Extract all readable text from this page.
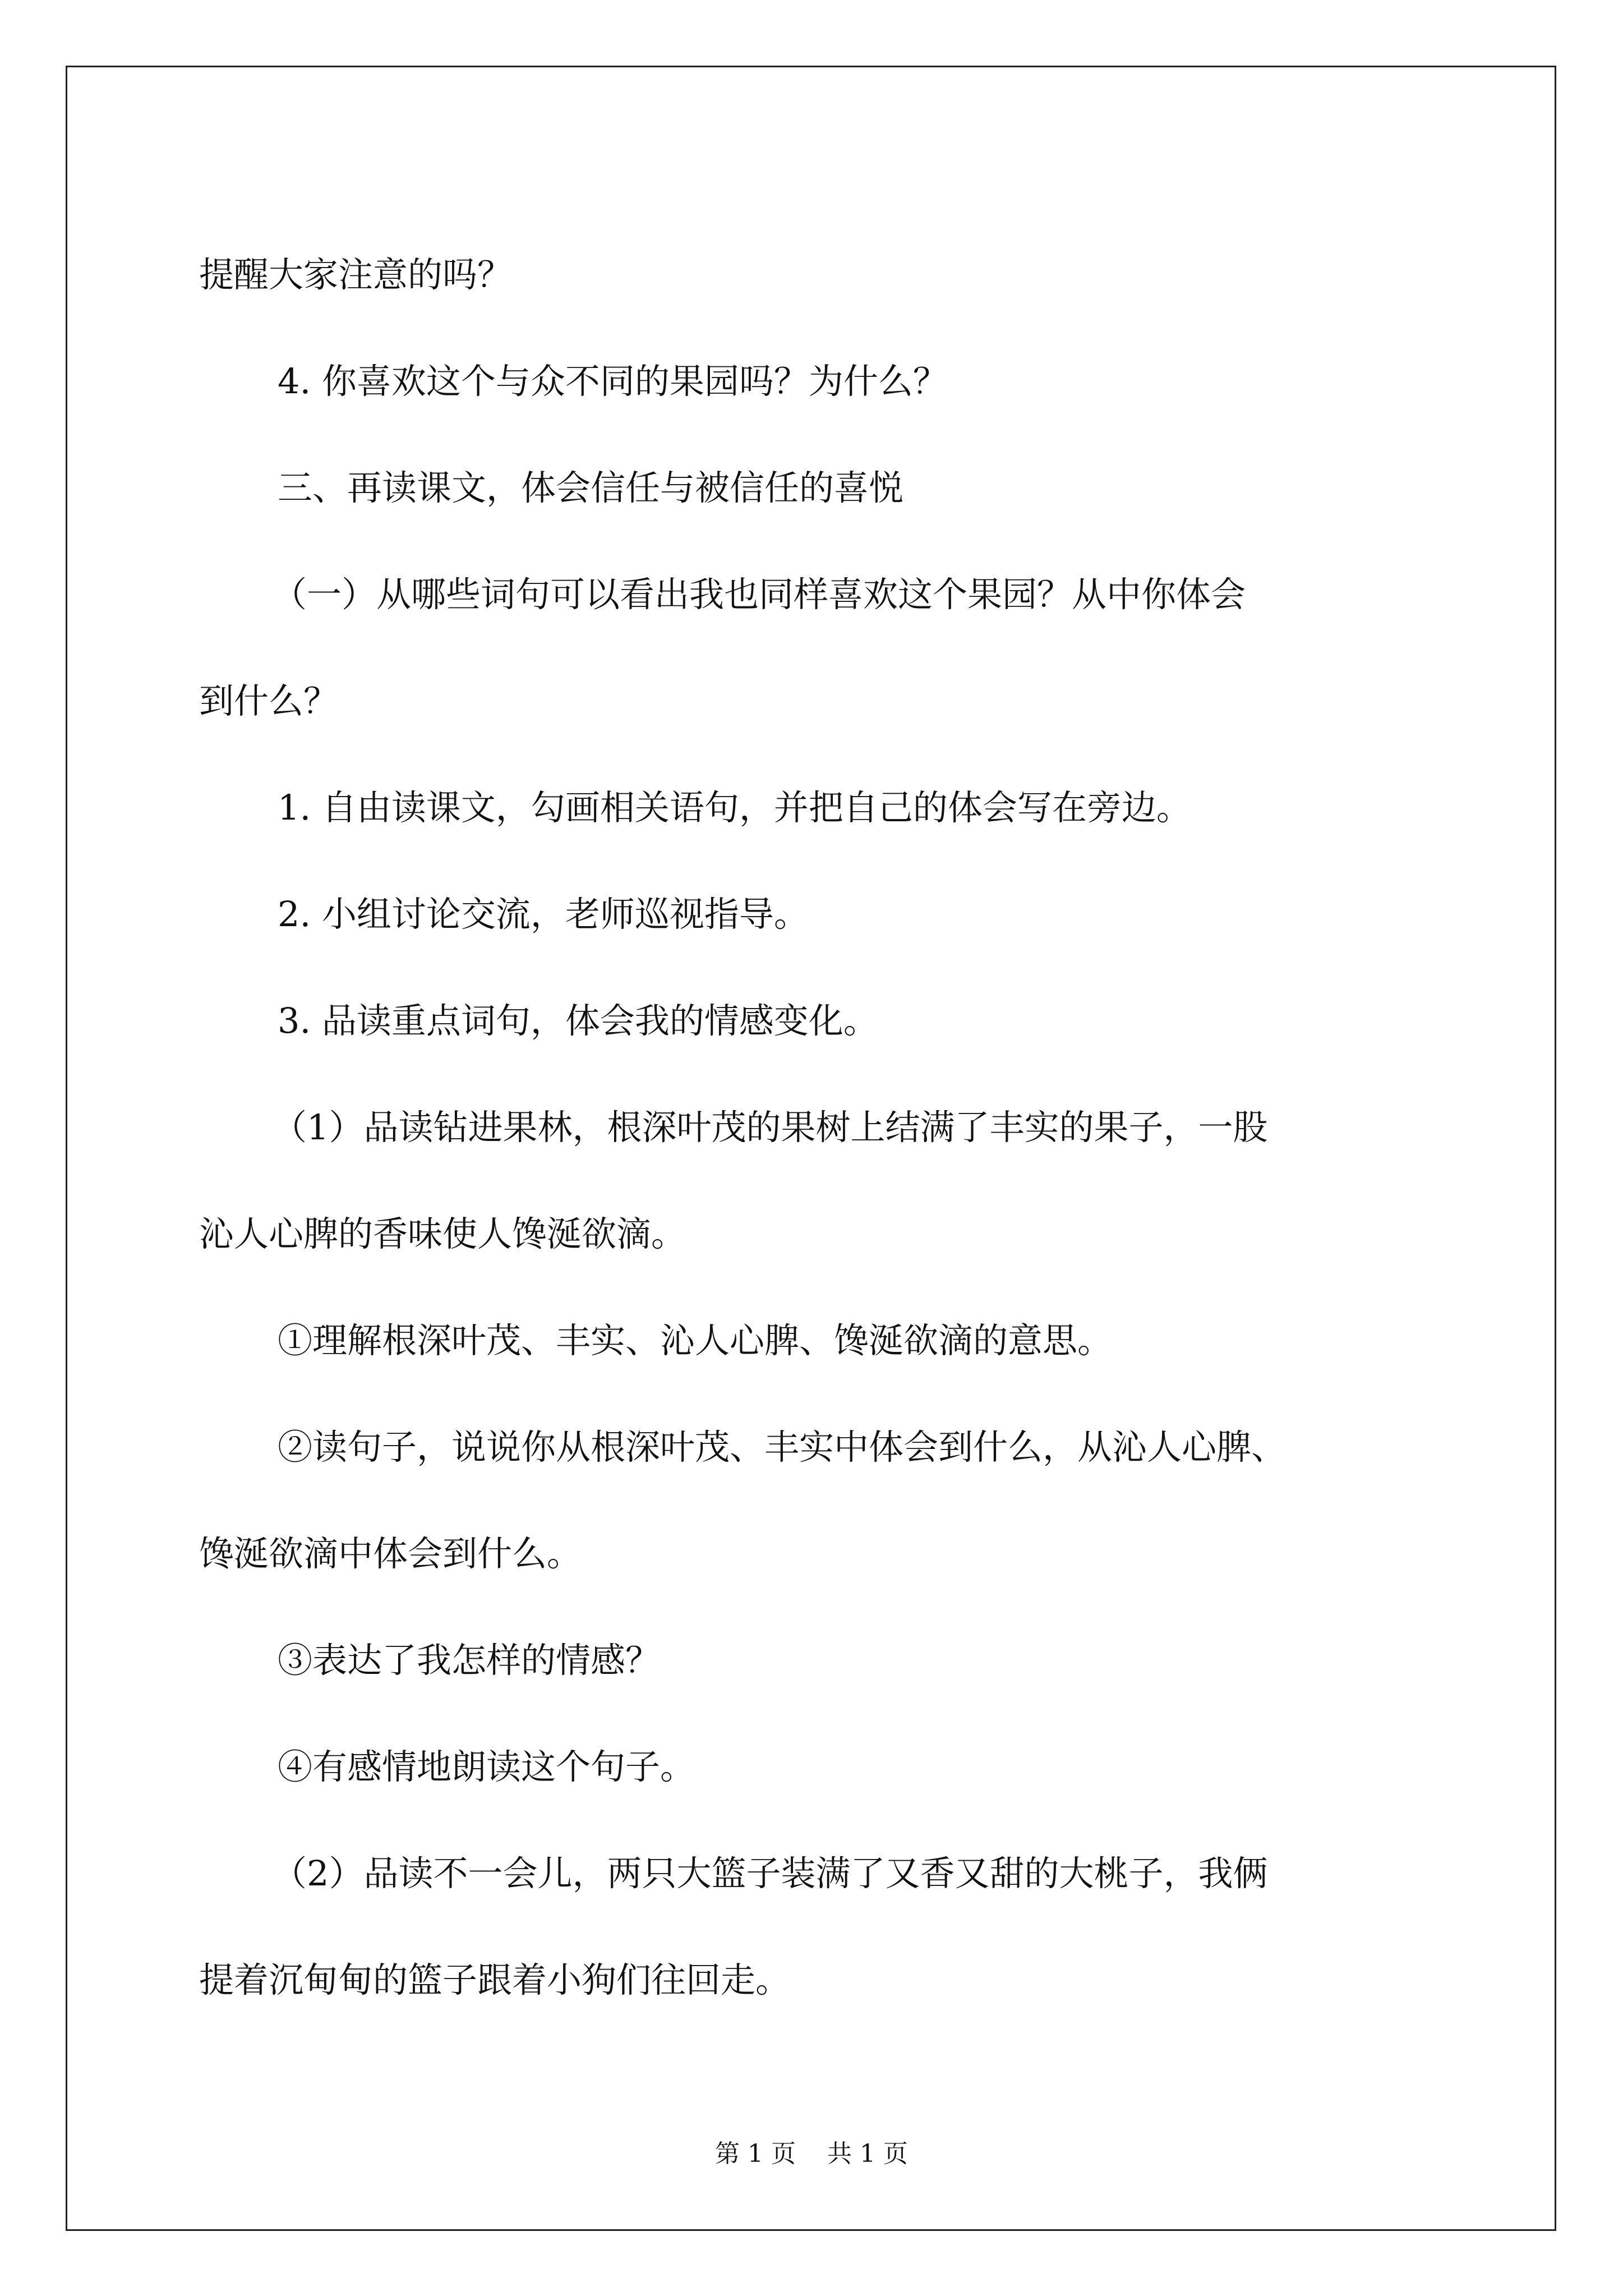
提醒大家注意的吗？

4. 你喜欢这个与众不同的果园吗？为什么？

三、再读课文，体会信任与被信任的喜悦

（一）从哪些词句可以看出我也同样喜欢这个果园？从中你体会

到什么？

1. 自由读课文，勾画相关语句，并把自己的体会写在旁边。

2. 小组讨论交流，老师巡视指导。

3. 品读重点词句，体会我的情感变化。

（1）品读钻进果林，根深叶茂的果树上结满了丰实的果子，一股

沁人心脾的香味使人馋涎欲滴。

①理解根深叶茂、丰实、沁人心脾、馋涎欲滴的意思。

②读句子，说说你从根深叶茂、丰实中体会到什么，从沁人心脾、

馋涎欲滴中体会到什么。

③表达了我怎样的情感？

④有感情地朗读这个句子。

（2）品读不一会儿，两只大篮子装满了又香又甜的大桃子，我俩

提着沉甸甸的篮子跟着小狗们往回走。

第 1 页    共 1 页
